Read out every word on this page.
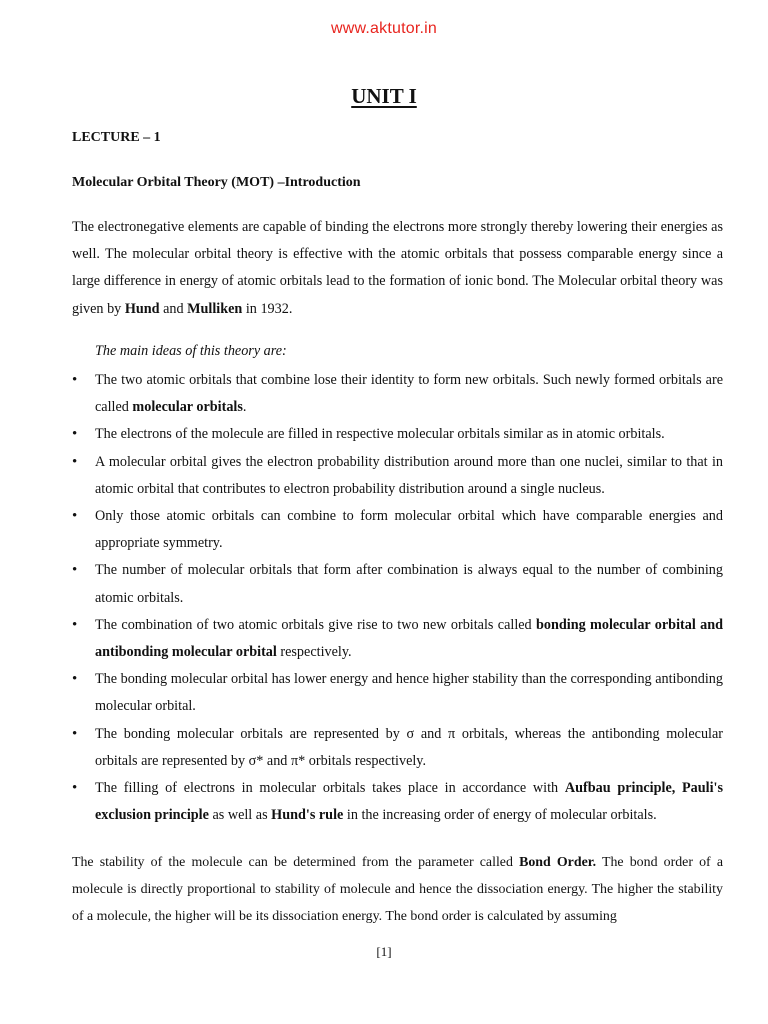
www.aktutor.in
UNIT I
LECTURE – 1
Molecular Orbital Theory (MOT) –Introduction

The electronegative elements are capable of binding the electrons more strongly thereby lowering their energies as well. The molecular orbital theory is effective with the atomic orbitals that possess comparable energy since a large difference in energy of atomic orbitals lead to the formation of ionic bond. The Molecular orbital theory was given by Hund and Mulliken in 1932.

The main ideas of this theory are:
• The two atomic orbitals that combine lose their identity to form new orbitals. Such newly formed orbitals are called molecular orbitals.
• The electrons of the molecule are filled in respective molecular orbitals similar as in atomic orbitals.
• A molecular orbital gives the electron probability distribution around more than one nuclei, similar to that in atomic orbital that contributes to electron probability distribution around a single nucleus.
• Only those atomic orbitals can combine to form molecular orbital which have comparable energies and appropriate symmetry.
• The number of molecular orbitals that form after combination is always equal to the number of combining atomic orbitals.
• The combination of two atomic orbitals give rise to two new orbitals called bonding molecular orbital and antibonding molecular orbital respectively.
• The bonding molecular orbital has lower energy and hence higher stability than the corresponding antibonding molecular orbital.
• The bonding molecular orbitals are represented by σ and π orbitals, whereas the antibonding molecular orbitals are represented by σ* and π* orbitals respectively.
• The filling of electrons in molecular orbitals takes place in accordance with Aufbau principle, Pauli's exclusion principle as well as Hund's rule in the increasing order of energy of molecular orbitals.

The stability of the molecule can be determined from the parameter called Bond Order. The bond order of a molecule is directly proportional to stability of molecule and hence the dissociation energy. The higher the stability of a molecule, the higher will be its dissociation energy. The bond order is calculated by assuming

[1]
